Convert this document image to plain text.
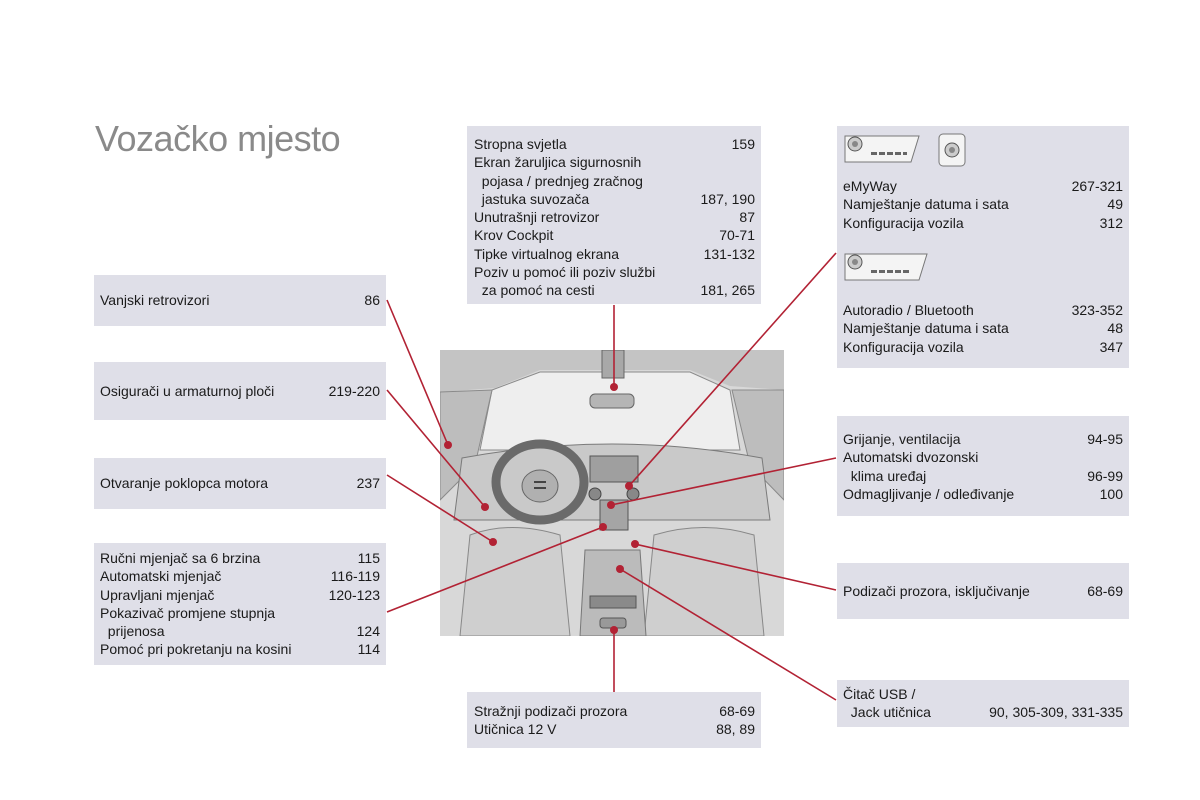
Vozačko mjesto	Stropna svjetla	159
Ekran žaruljica sigurnosnih
pojasa / prednjeg zračnog
jastuka suvozača	187, 190
Unutrašnji retrovizor	87
Krov Cockpit	70-71
Tipke virtualnog ekrana	131-132
Poziv u pomoć ili poziv službi
za pomoć na cesti	181, 265
Vanjski retrovizori	86
Osigurači u armaturnoj ploči	219-220
Otvaranje poklopca motora	237
Ručni mjenjač sa 6 brzina	115
Automatski mjenjač	116-119
Upravljani mjenjač	120-123
Pokazivač promjene stupnja
prijenosa	124
Pomoć pri pokretanju na kosini	114
eMyWay	267-321
Namještanje datuma i sata	49
Konfiguracija vozila	312
Autoradio / Bluetooth	323-352
Namještanje datuma i sata	48
Konfiguracija vozila	347
Grijanje, ventilacija	94-95
Automatski dvozonski
klima uređaj	96-99
Odmagljivanje / odleđivanje	100
Podizači prozora, isključivanje	68-69
Čitač USB /
Jack utičnica	90, 305-309, 331-335
Stražnji podizači prozora	68-69
Utičnica 12 V	88, 89
